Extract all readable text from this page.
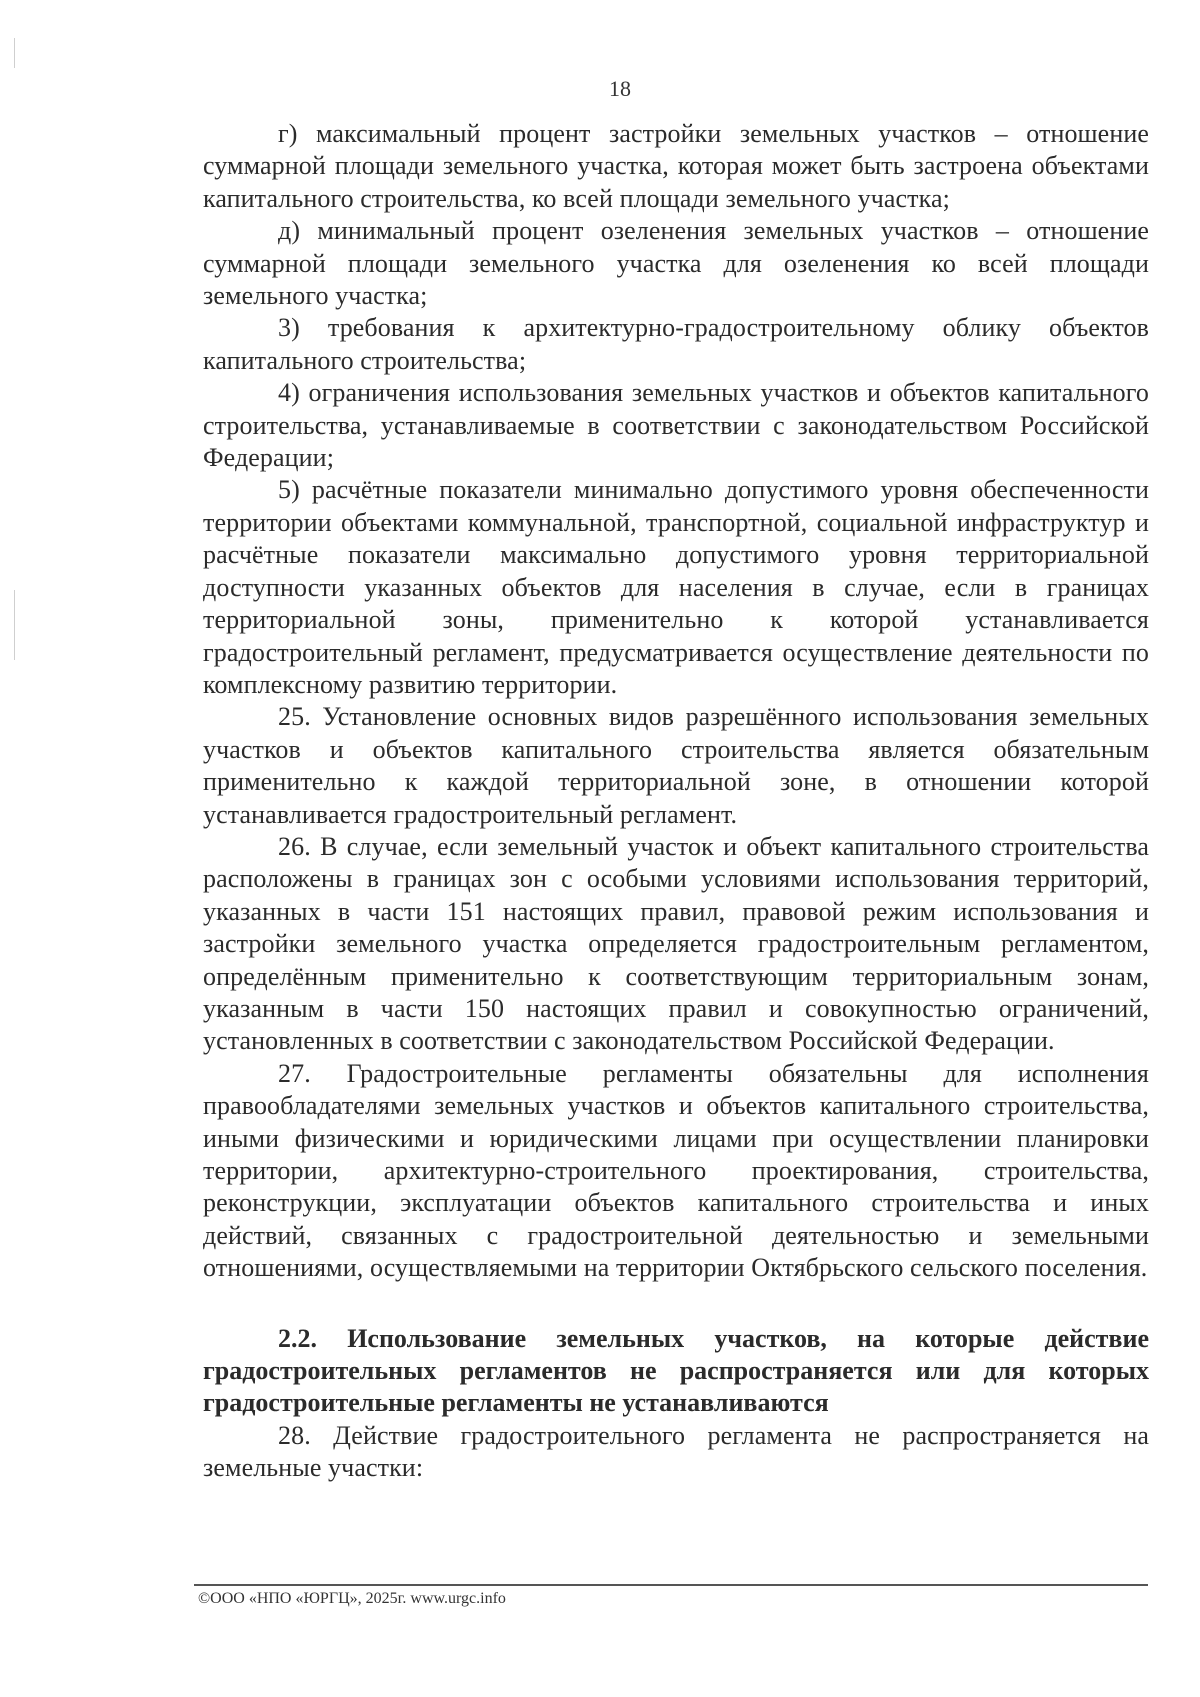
18

г) максимальный процент застройки земельных участков – отношение суммарной площади земельного участка, которая может быть застроена объектами капитального строительства, ко всей площади земельного участка;

д) минимальный процент озеленения земельных участков – отношение суммарной площади земельного участка для озеленения ко всей площади земельного участка;

3) требования к архитектурно-градостроительному облику объектов капитального строительства;

4) ограничения использования земельных участков и объектов капитального строительства, устанавливаемые в соответствии с законодательством Российской Федерации;

5) расчётные показатели минимально допустимого уровня обеспеченности территории объектами коммунальной, транспортной, социальной инфраструктур и расчётные показатели максимально допустимого уровня территориальной доступности указанных объектов для населения в случае, если в границах территориальной зоны, применительно к которой устанавливается градостроительный регламент, предусматривается осуществление деятельности по комплексному развитию территории.

25. Установление основных видов разрешённого использования земельных участков и объектов капитального строительства является обязательным применительно к каждой территориальной зоне, в отношении которой устанавливается градостроительный регламент.

26. В случае, если земельный участок и объект капитального строительства расположены в границах зон с особыми условиями использования территорий, указанных в части 151 настоящих правил, правовой режим использования и застройки земельного участка определяется градостроительным регламентом, определённым применительно к соответствующим территориальным зонам, указанным в части 150 настоящих правил и совокупностью ограничений, установленных в соответствии с законодательством Российской Федерации.

27. Градостроительные регламенты обязательны для исполнения правообладателями земельных участков и объектов капитального строительства, иными физическими и юридическими лицами при осуществлении планировки территории, архитектурно-строительного проектирования, строительства, реконструкции, эксплуатации объектов капитального строительства и иных действий, связанных с градостроительной деятельностью и земельными отношениями, осуществляемыми на территории Октябрьского сельского поселения.

2.2. Использование земельных участков, на которые действие градостроительных регламентов не распространяется или для которых градостроительные регламенты не устанавливаются

28. Действие градостроительного регламента не распространяется на земельные участки:

©ООО «НПО «ЮРГЦ», 2025г. www.urgc.info
